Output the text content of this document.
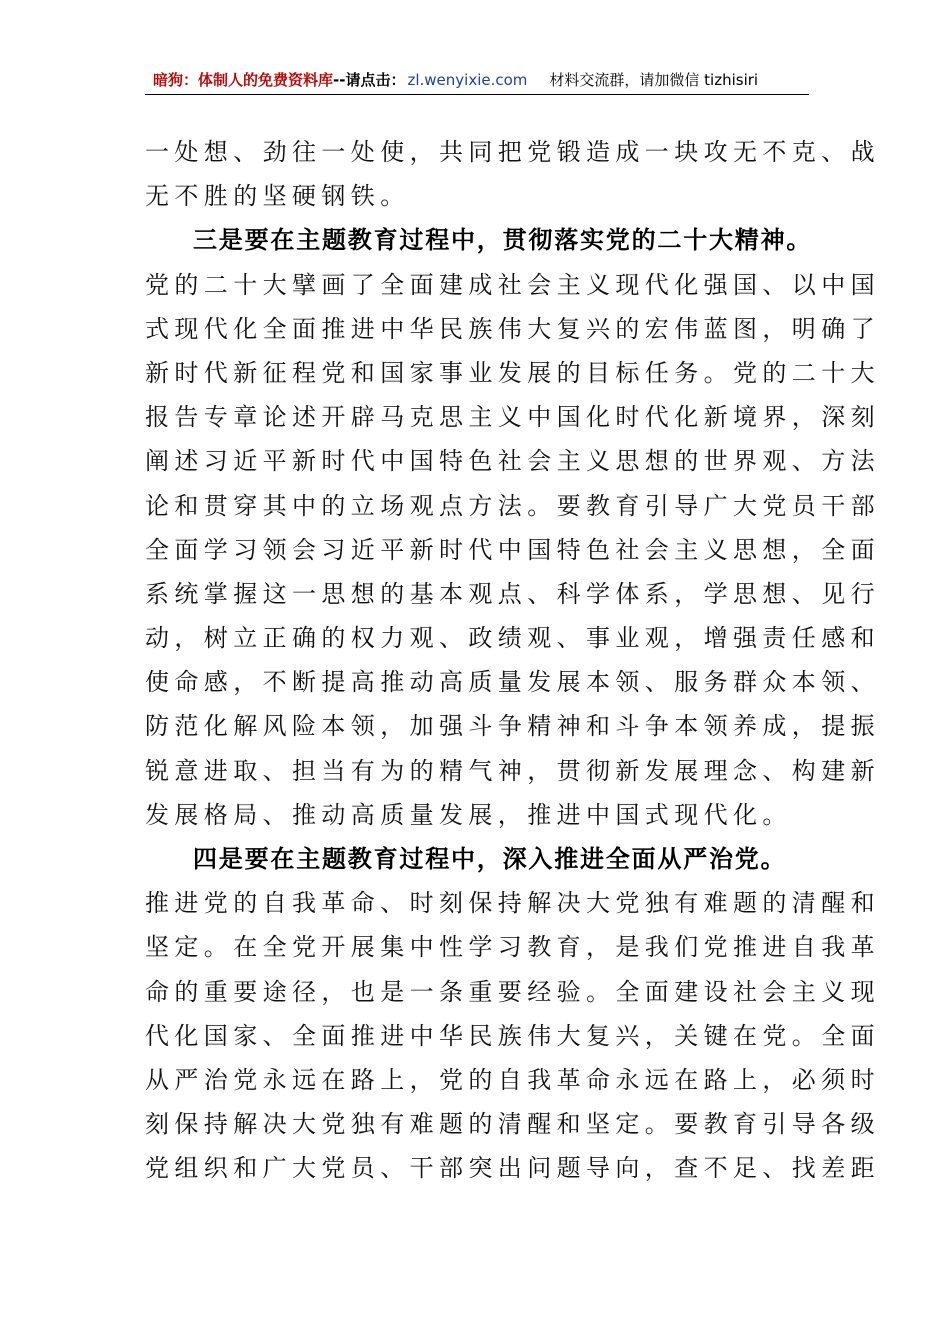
暗狗：体制人的免费资料库 --请点击： zl.wenyixie.com 材料交流群，请加微信 tizhisiri
一处想、劲往一处使，共同把党锻造成一块攻无不克、战
无不胜的坚硬钢铁。
三是要在主题教育过程中，贯彻落实党的二十大精神。
党的二十大擘画了全面建成社会主义现代化强国、以中国
式现代化全面推进中华民族伟大复兴的宏伟蓝图，明确了
新时代新征程党和国家事业发展的目标任务。党的二十大
报告专章论述开辟马克思主义中国化时代化新境界，深刻
阐述习近平新时代中国特色社会主义思想的世界观、方法
论和贯穿其中的立场观点方法。要教育引导广大党员干部
全面学习领会习近平新时代中国特色社会主义思想，全面
系统掌握这一思想的基本观点、科学体系，学思想、见行
动，树立正确的权力观、政绩观、事业观，增强责任感和
使命感，不断提高推动高质量发展本领、服务群众本领、
防范化解风险本领，加强斗争精神和斗争本领养成，提振
锐意进取、担当有为的精气神，贯彻新发展理念、构建新
发展格局、推动高质量发展，推进中国式现代化。
四是要在主题教育过程中，深入推进全面从严治党。
推进党的自我革命、时刻保持解决大党独有难题的清醒和
坚定。在全党开展集中性学习教育，是我们党推进自我革
命的重要途径，也是一条重要经验。全面建设社会主义现
代化国家、全面推进中华民族伟大复兴，关键在党。全面
从严治党永远在路上，党的自我革命永远在路上，必须时
刻保持解决大党独有难题的清醒和坚定。要教育引导各级
党组织和广大党员、干部突出问题导向，查不足、找差距
